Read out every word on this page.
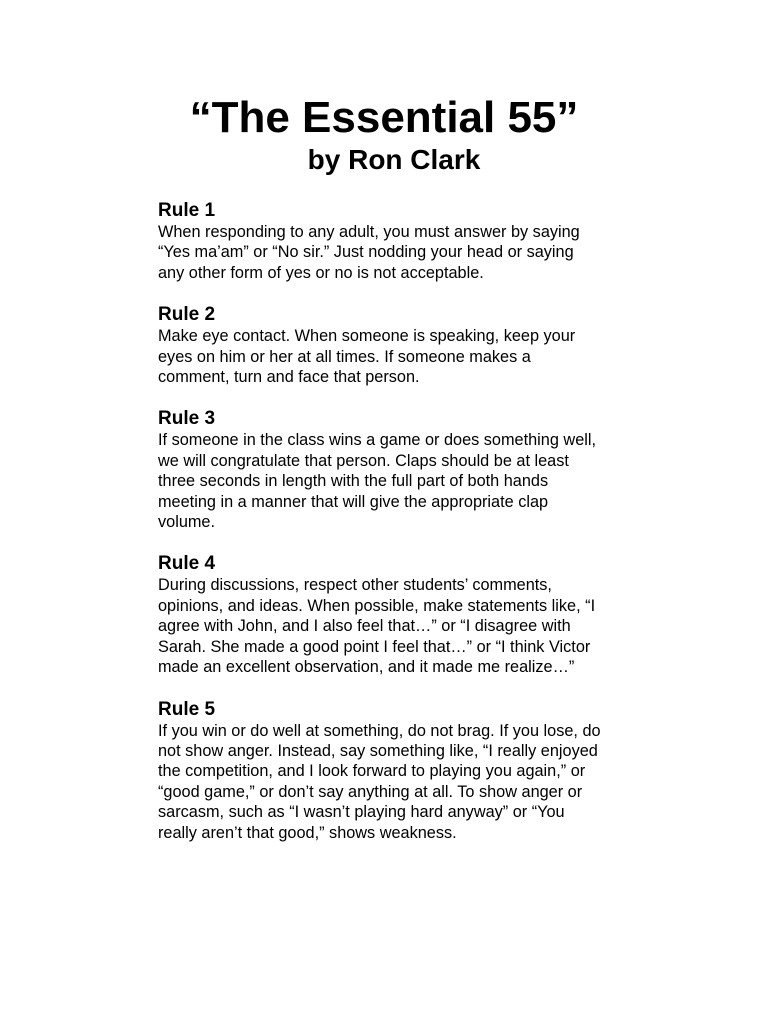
“The Essential 55”
by Ron Clark

Rule 1

When responding to any adult, you must answer by saying
“Yes ma’am” or “No sir.” Just nodding your head or saying
any other form of yes or no is not acceptable.

Rule 2

Make eye contact. When someone is speaking, keep your
eyes on him or her at all times. If someone makes a
comment, turn and face that person.

Rule 3

If someone in the class wins a game or does something well,
we will congratulate that person. Claps should be at least
three seconds in length with the full part of both hands
meeting in a manner that will give the appropriate clap
volume.

Rule 4

During discussions, respect other students’ comments,
opinions, and ideas. When possible, make statements like, “I
agree with John, and I also feel that…” or “I disagree with
Sarah. She made a good point I feel that…” or “I think Victor
made an excellent observation, and it made me realize…”

Rule 5

If you win or do well at something, do not brag. If you lose, do
not show anger. Instead, say something like, “I really enjoyed
the competition, and I look forward to playing you again,” or
“good game,” or don’t say anything at all. To show anger or
sarcasm, such as “I wasn’t playing hard anyway” or “You
really aren’t that good,” shows weakness.
